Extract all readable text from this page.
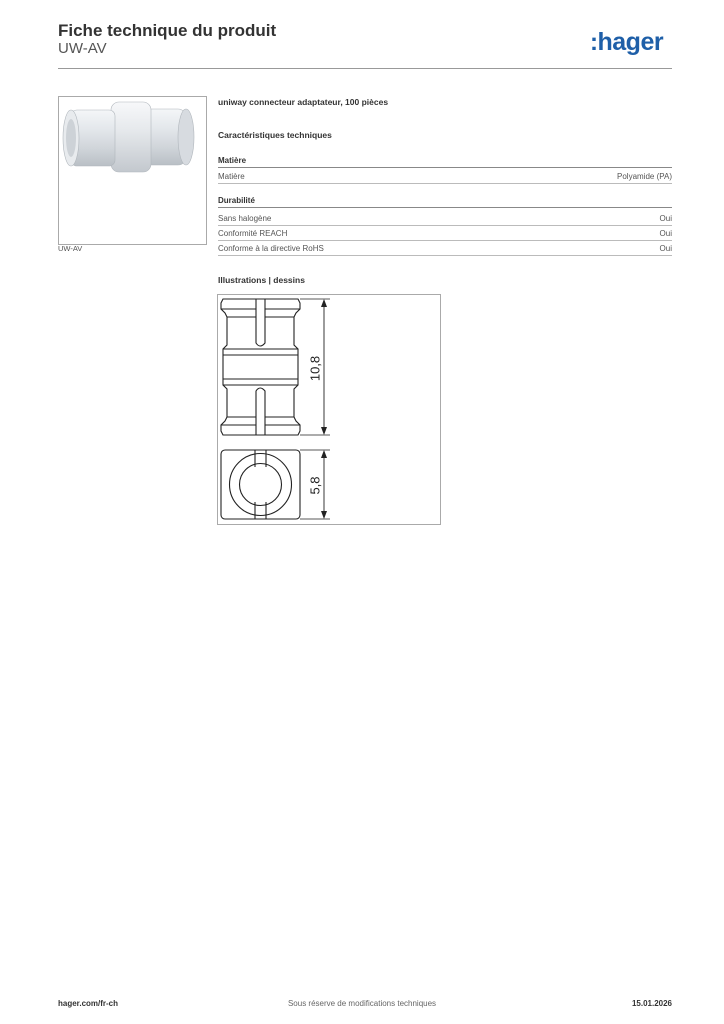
Fiche technique du produit
UW-AV	:hager
UW-AV
uniway connecteur adaptateur, 100 pièces
Caractéristiques techniques
Matière
Matière	Polyamide (PA)
Durabilité
Sans halogène	Oui
Conformité REACH	Oui
Conforme à la directive RoHS	Oui
Illustrations | dessins
10,8
5,8
hager.com/fr-ch	Sous réserve de modifications techniques	15.01.2026
